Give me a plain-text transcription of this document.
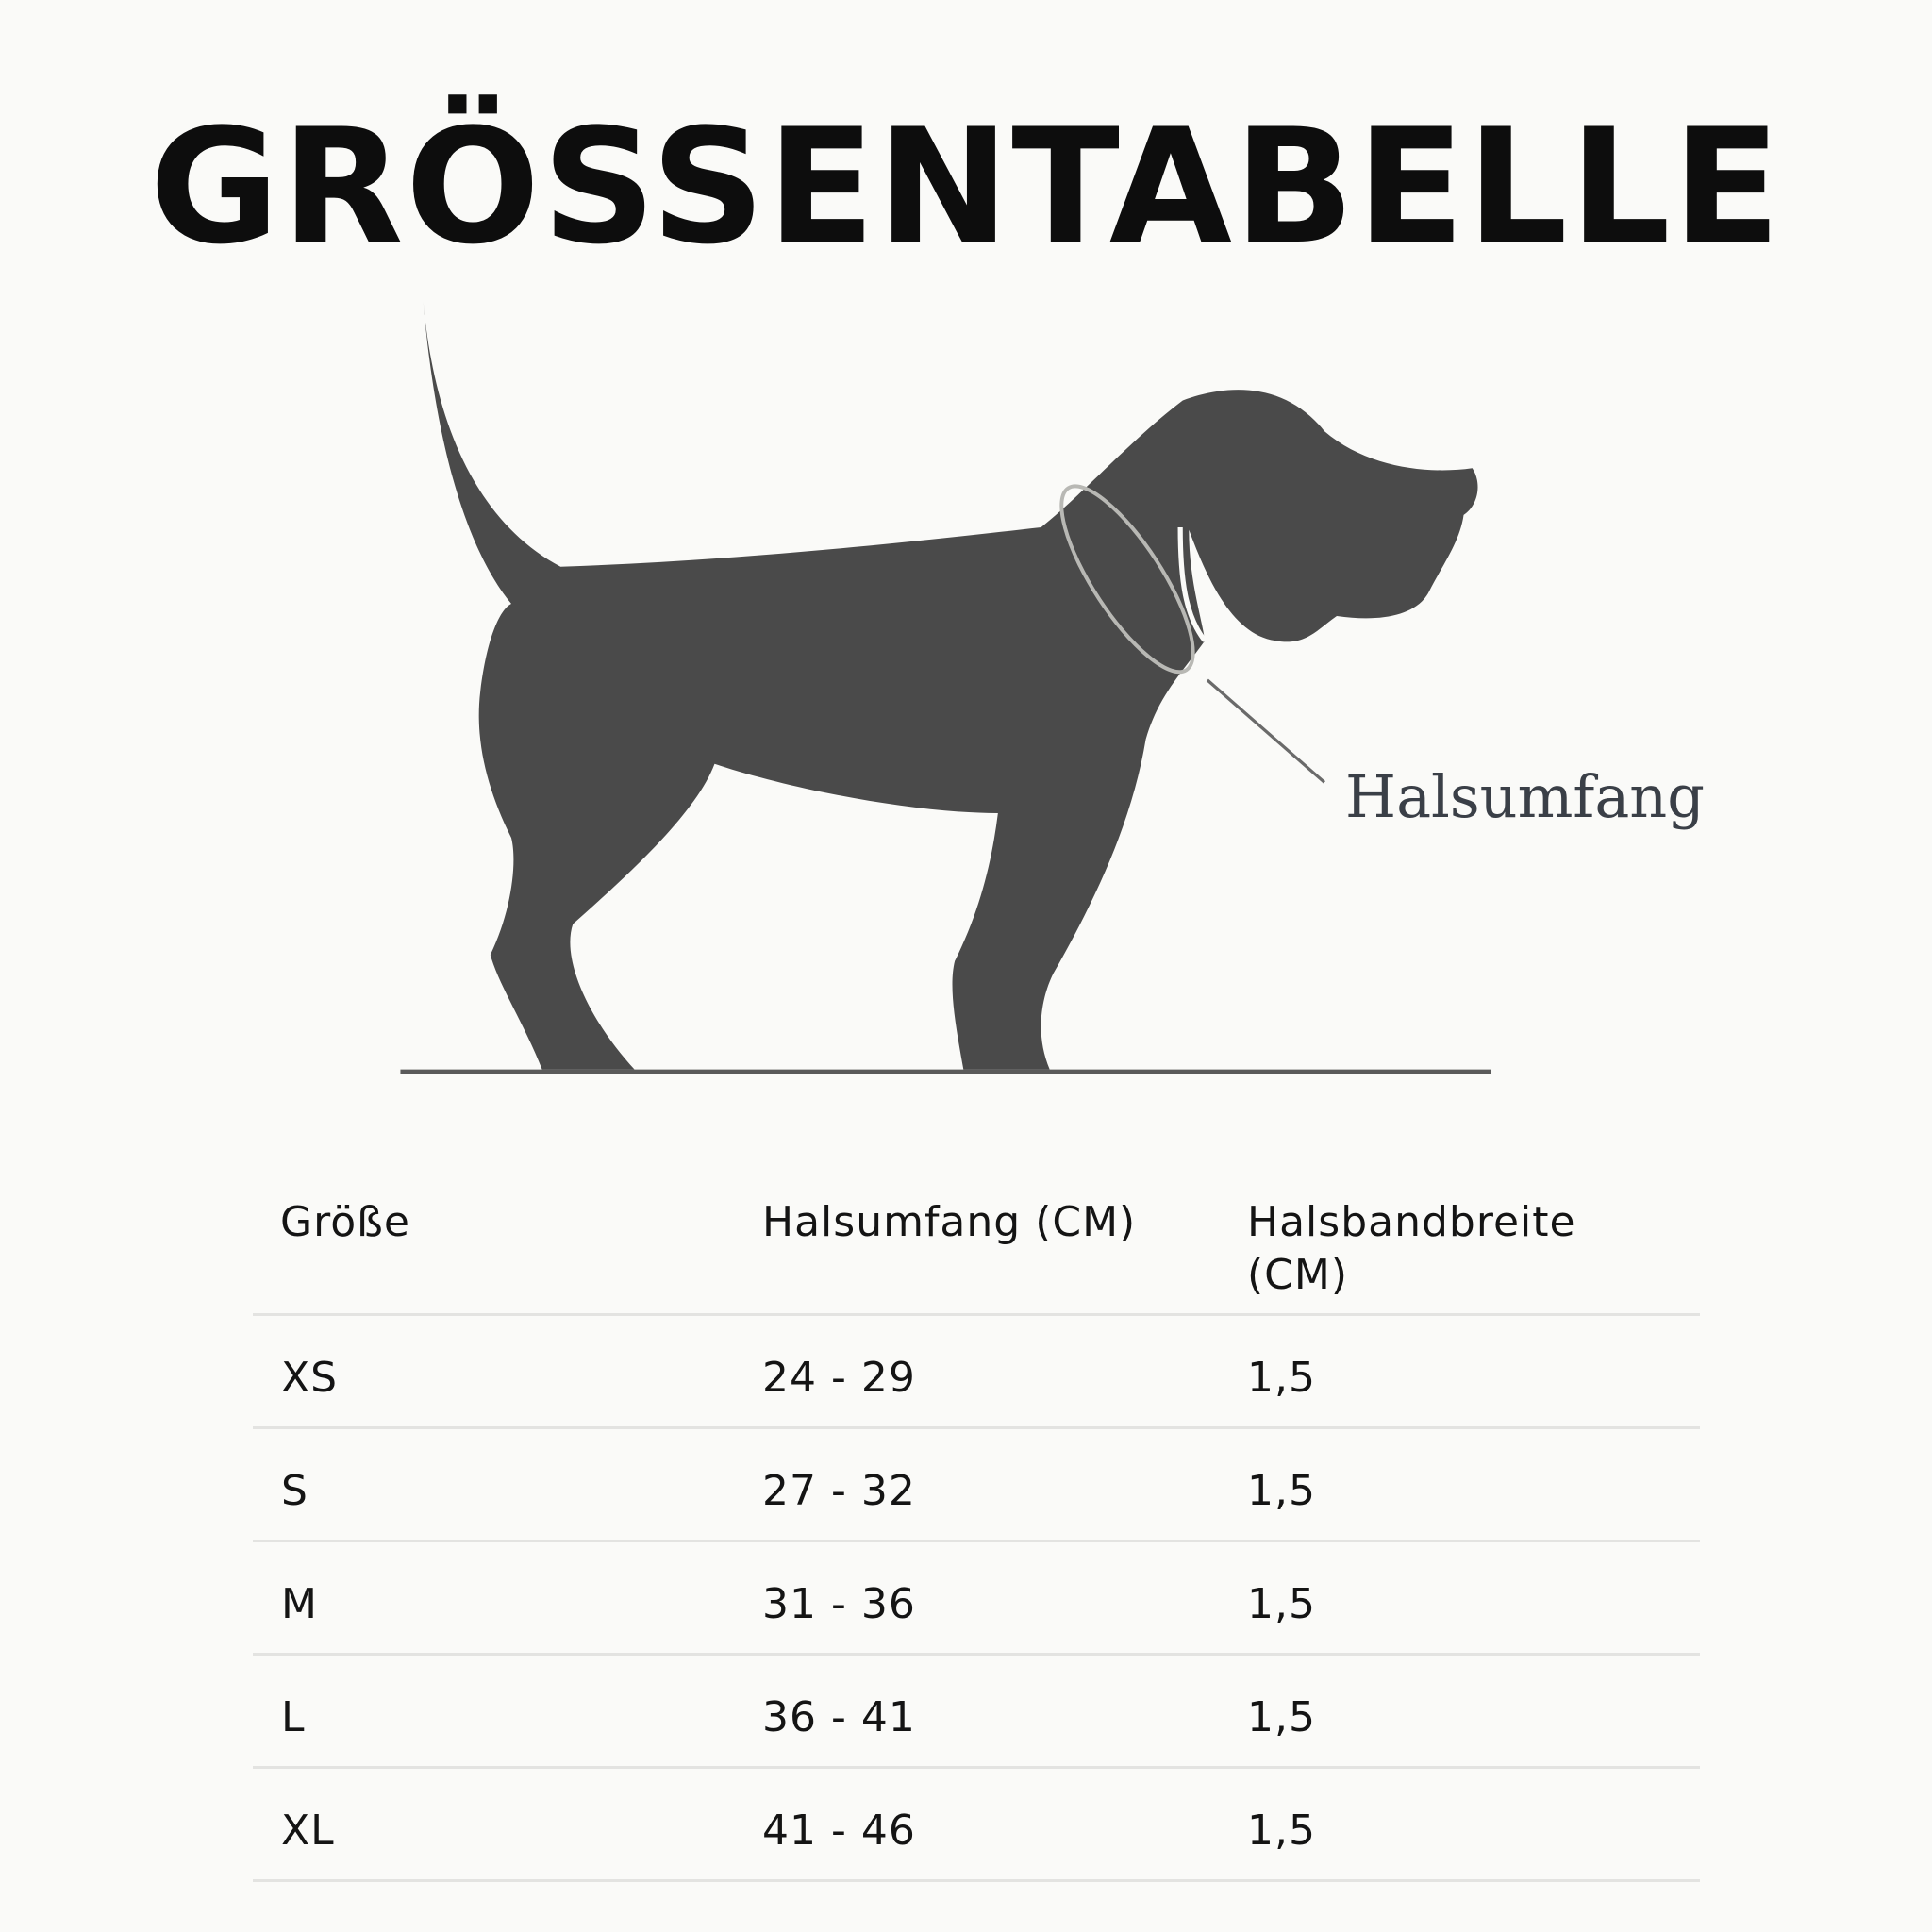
GRÖSSENTABELLE
Halsumfang
Größe	Halsumfang (CM)	Halsbandbreite (CM)
XS	24 - 29	1,5
S	27 - 32	1,5
M	31 - 36	1,5
L	36 - 41	1,5
XL	41 - 46	1,5
